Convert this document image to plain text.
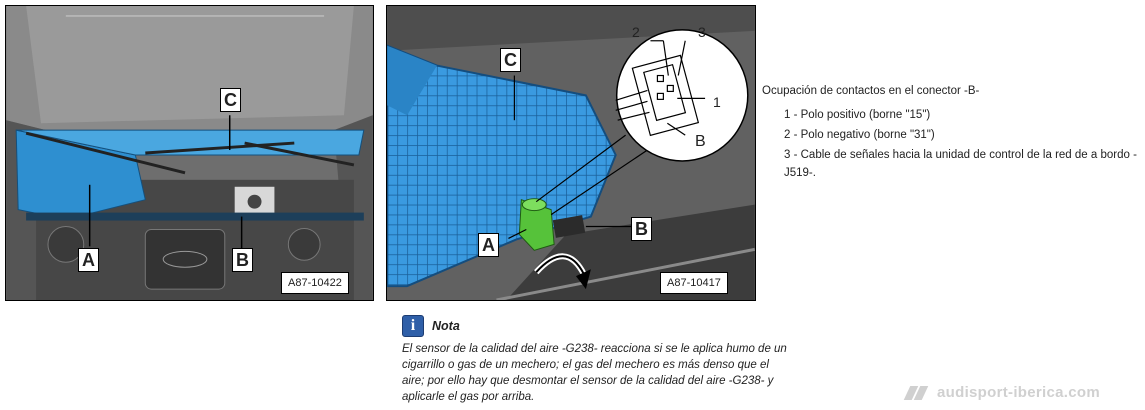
C
A	B
A87-10422
C
A
B
2	3
1
B
A87-10417
Ocupación de contactos en el conector -B-
1 - Polo positivo (borne "15")
2 - Polo negativo (borne "31")
3 - Cable de señales hacia la unidad de control de la red de a bordo -J519-.
i	Nota
El sensor de la calidad del aire -G238- reacciona si se le aplica humo de un cigarrillo o gas de un mechero; el gas del mechero es más denso que el aire; por ello hay que desmontar el sensor de la calidad del aire -G238- y aplicarle el gas por arriba.	audisport-iberica.com
